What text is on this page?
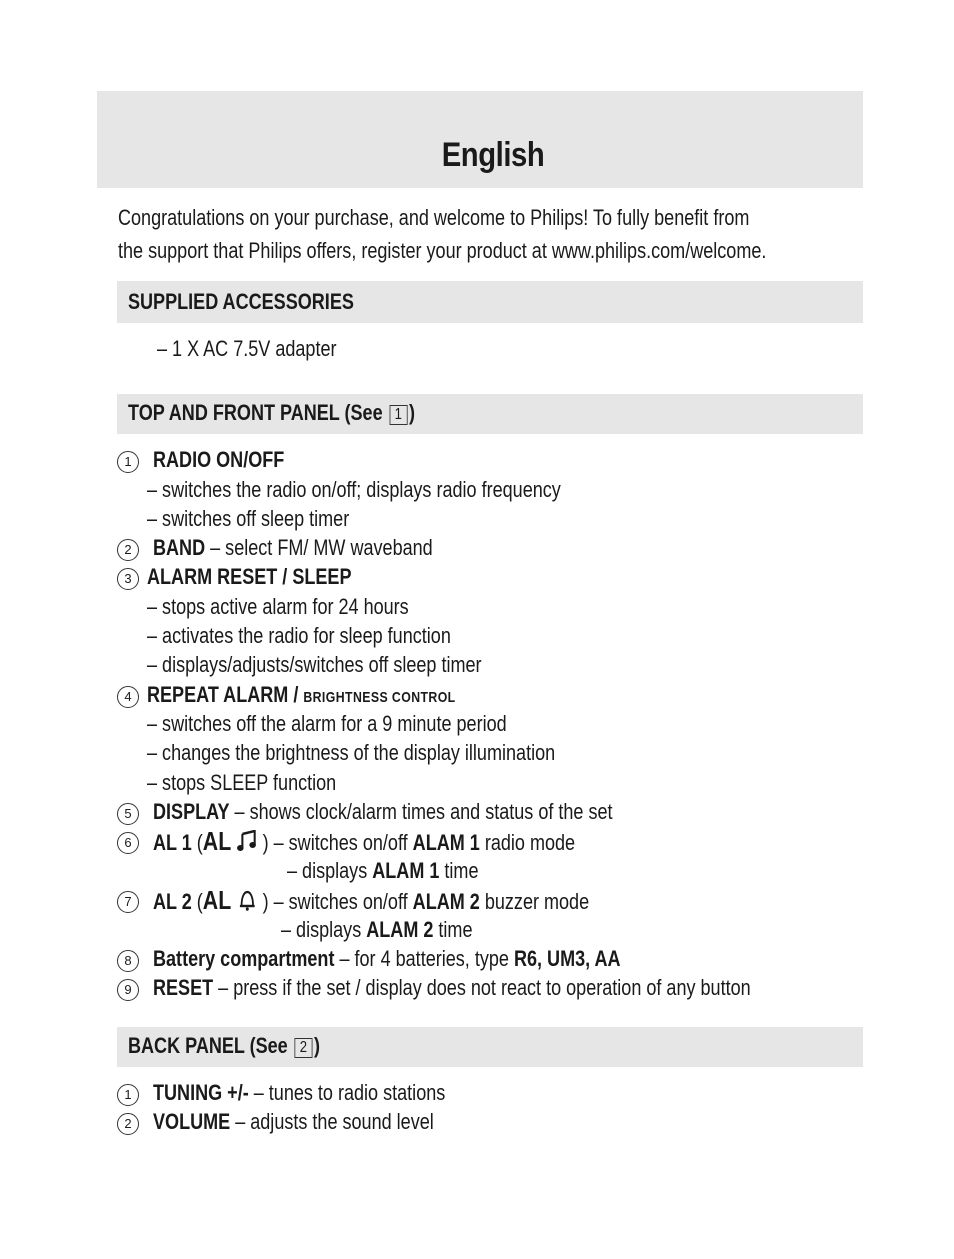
English
Congratulations on your purchase, and welcome to Philips! To fully benefit from
the support that Philips offers, register your product at www.philips.com/welcome.
SUPPLIED ACCESSORIES
– 1 X AC 7.5V adapter
TOP AND FRONT PANEL (See 1 )
1 RADIO ON/OFF
– switches the radio on/off; displays radio frequency
– switches off sleep timer
2 BAND – select FM/ MW waveband
3 ALARM RESET / SLEEP
– stops active alarm for 24 hours
– activates the radio for sleep function
– displays/adjusts/switches off sleep timer
4 REPEAT ALARM / BRIGHTNESS CONTROL
– switches off the alarm for a 9 minute period
– changes the brightness of the display illumination
– stops SLEEP function
5 DISPLAY – shows clock/alarm times and status of the set
6 AL 1 (AL  ) – switches on/off ALAM 1 radio mode
– displays ALAM 1 time
7 AL 2 (AL  ) – switches on/off ALAM 2 buzzer mode
– displays ALAM 2 time
8 Battery compartment – for 4 batteries, type R6, UM3, AA
9 RESET – press if the set / display does not react to operation of any button
BACK PANEL (See 2 )
1 TUNING +/- – tunes to radio stations
2 VOLUME – adjusts the sound level
